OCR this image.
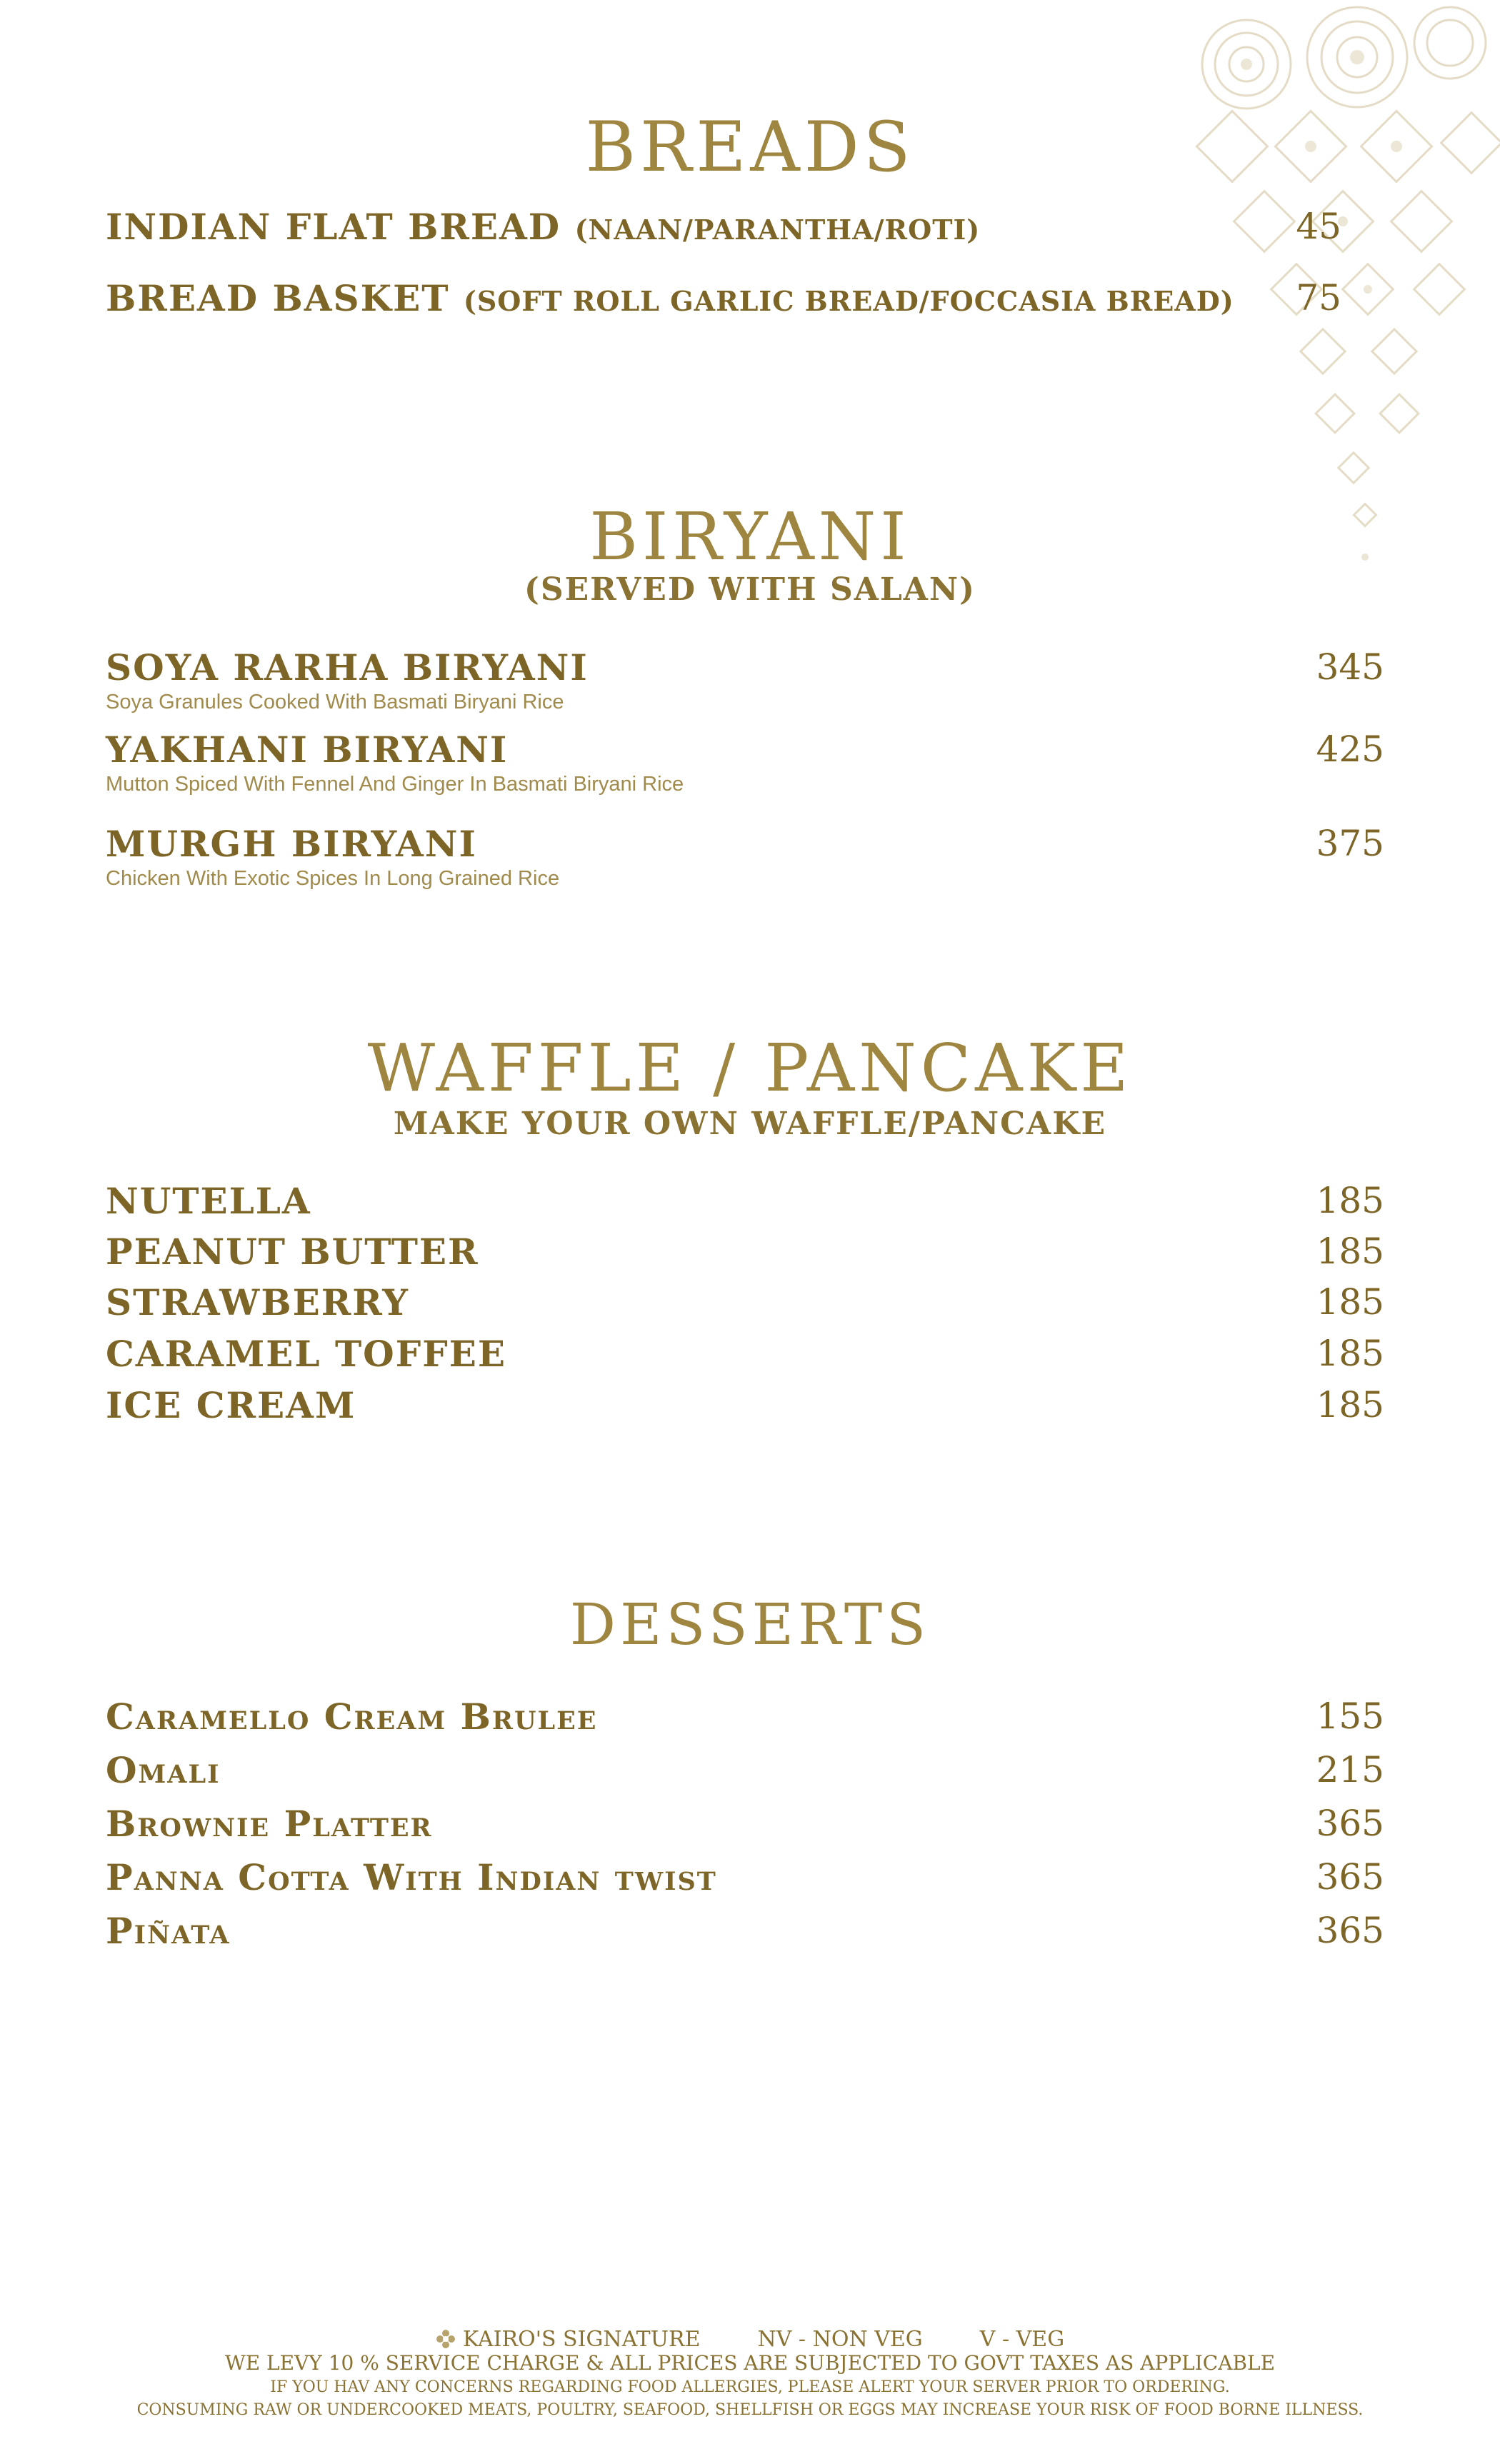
BREADS
INDIAN FLAT BREAD (NAAN/PARANTHA/ROTI)	45
BREAD BASKET (SOFT ROLL GARLIC BREAD/FOCCASIA BREAD) 75
BIRYANI
(SERVED WITH SALAN)
SOYA RARHA BIRYANI
Soya Granules Cooked With Basmati Biryani Rice
345
YAKHANI BIRYANI
Mutton Spiced With Fennel And Ginger In Basmati Biryani Rice
425
MURGH BIRYANI
Chicken With Exotic Spices In Long Grained Rice
375
WAFFLE / PANCAKE
MAKE YOUR OWN WAFFLE/PANCAKE
NUTELLA	185
PEANUT BUTTER	185
STRAWBERRY	185
CARAMEL TOFFEE	185
ICE CREAM	185
DESSERTS
Caramello Cream Brulee	155
Omali	215
Brownie Platter	365
Panna Cotta With Indian twist	365
Piñata	365
KAIRO'S SIGNATURE	NV - NON VEG	V - VEG
WE LEVY 10 % SERVICE CHARGE & ALL PRICES ARE SUBJECTED TO GOVT TAXES AS APPLICABLE
IF YOU HAV ANY CONCERNS REGARDING FOOD ALLERGIES, PLEASE ALERT YOUR SERVER PRIOR TO ORDERING.
CONSUMING RAW OR UNDERCOOKED MEATS, POULTRY, SEAFOOD, SHELLFISH OR EGGS MAY INCREASE YOUR RISK OF FOOD BORNE ILLNESS.
